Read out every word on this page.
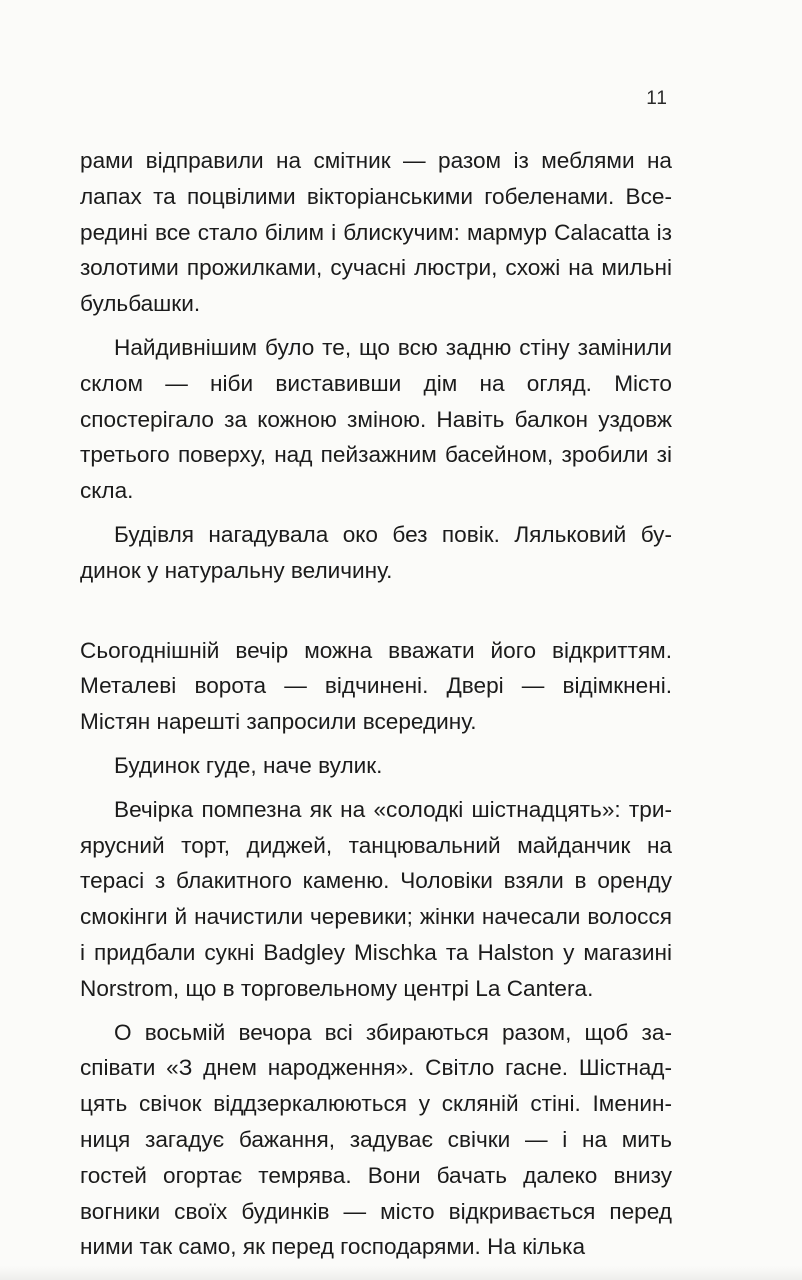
11

рами відправили на смітник — разом із меблями на лапах та поцвілими вікторіанськими гобеленами. Всередині все стало білим і блискучим: мармур Calacatta із золотими прожилками, сучасні люстри, схожі на мильні бульбашки.

Найдивнішим було те, що всю задню стіну замінили склом — ніби виставивши дім на огляд. Місто спостерігало за кожною зміною. Навіть балкон уздовж третього поверху, над пейзажним басейном, зробили зі скла.

Будівля нагадувала око без повік. Ляльковий будинок у натуральну величину.

Сьогоднішній вечір можна вважати його відкриттям. Металеві ворота — відчинені. Двері — відімкнені. Містян нарешті запросили всередину.

Будинок гуде, наче вулик.

Вечірка помпезна як на «солодкі шістнадцять»: триярусний торт, диджей, танцювальний майданчик на терасі з блакитного каменю. Чоловіки взяли в оренду смокінги й начистили черевики; жінки начесали волосся і придбали сукні Badgley Mischka та Halston у магазині Norstrom, що в торговельному центрі La Cantera.

О восьмій вечора всі збираються разом, щоб заспівати «З днем народження». Світло гасне. Шістнадцять свічок віддзеркалюються у скляній стіні. Іменинниця загадує бажання, задуває свічки — і на мить гостей огортає темрява. Вони бачать далеко внизу вогники своїх будинків — місто відкривається перед ними так само, як перед господарями. На кілька
